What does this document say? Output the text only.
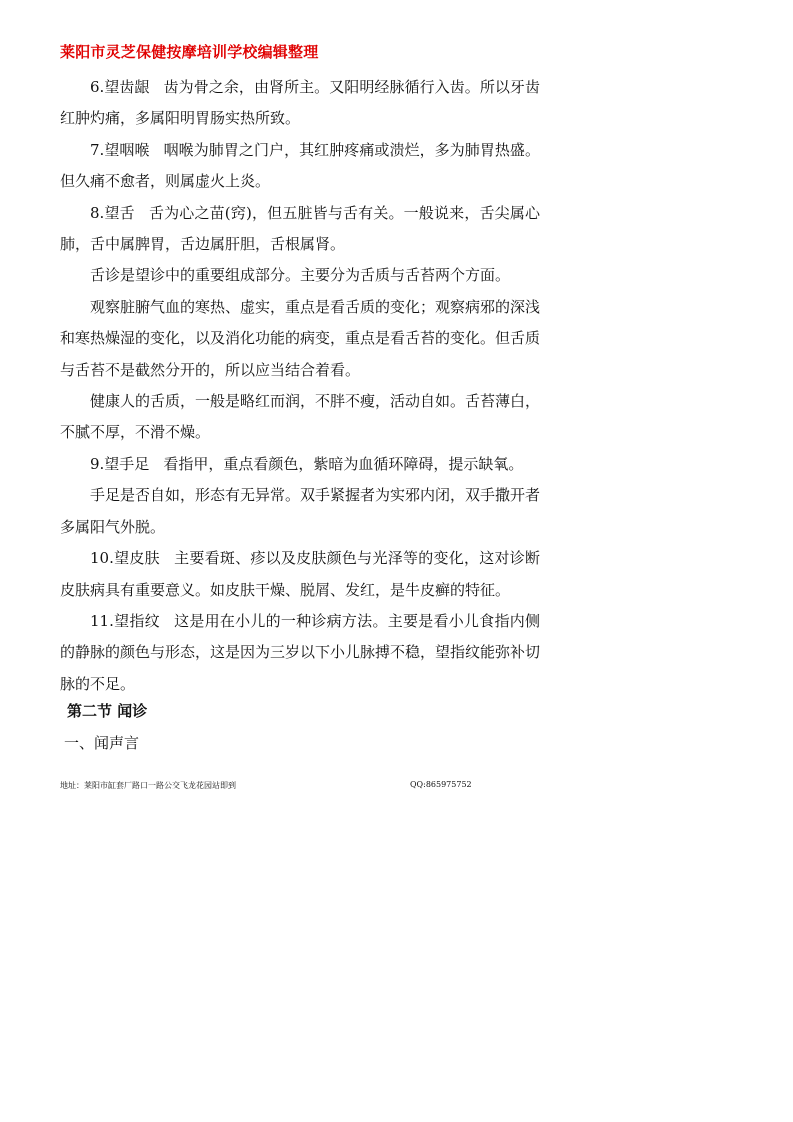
莱阳市灵芝保健按摩培训学校编辑整理

6.望齿龈 齿为骨之余，由肾所主。又阳明经脉循行入齿。所以牙齿红肿灼痛，多属阳明胃肠实热所致。

7.望咽喉 咽喉为肺胃之门户，其红肿疼痛或溃烂，多为肺胃热盛。但久痛不愈者，则属虚火上炎。

8.望舌 舌为心之苗(窍)，但五脏皆与舌有关。一般说来，舌尖属心肺，舌中属脾胃，舌边属肝胆，舌根属肾。

舌诊是望诊中的重要组成部分。主要分为舌质与舌苔两个方面。

观察脏腑气血的寒热、虚实，重点是看舌质的变化；观察病邪的深浅和寒热燥湿的变化，以及消化功能的病变，重点是看舌苔的变化。但舌质与舌苔不是截然分开的，所以应当结合着看。

健康人的舌质，一般是略红而润，不胖不瘦，活动自如。舌苔薄白，不腻不厚，不滑不燥。

9.望手足 看指甲，重点看颜色，紫暗为血循环障碍，提示缺氧。

手足是否自如，形态有无异常。双手紧握者为实邪内闭，双手撒开者多属阳气外脱。

10.望皮肤 主要看斑、疹以及皮肤颜色与光泽等的变化，这对诊断皮肤病具有重要意义。如皮肤干燥、脱屑、发红，是牛皮癣的特征。

11.望指纹 这是用在小儿的一种诊病方法。主要是看小儿食指内侧的静脉的颜色与形态，这是因为三岁以下小儿脉搏不稳，望指纹能弥补切脉的不足。

第二节 闻诊
一、闻声言
地址：莱阳市缸套厂路口一路公交飞龙花园站即到	QQ:865975752
